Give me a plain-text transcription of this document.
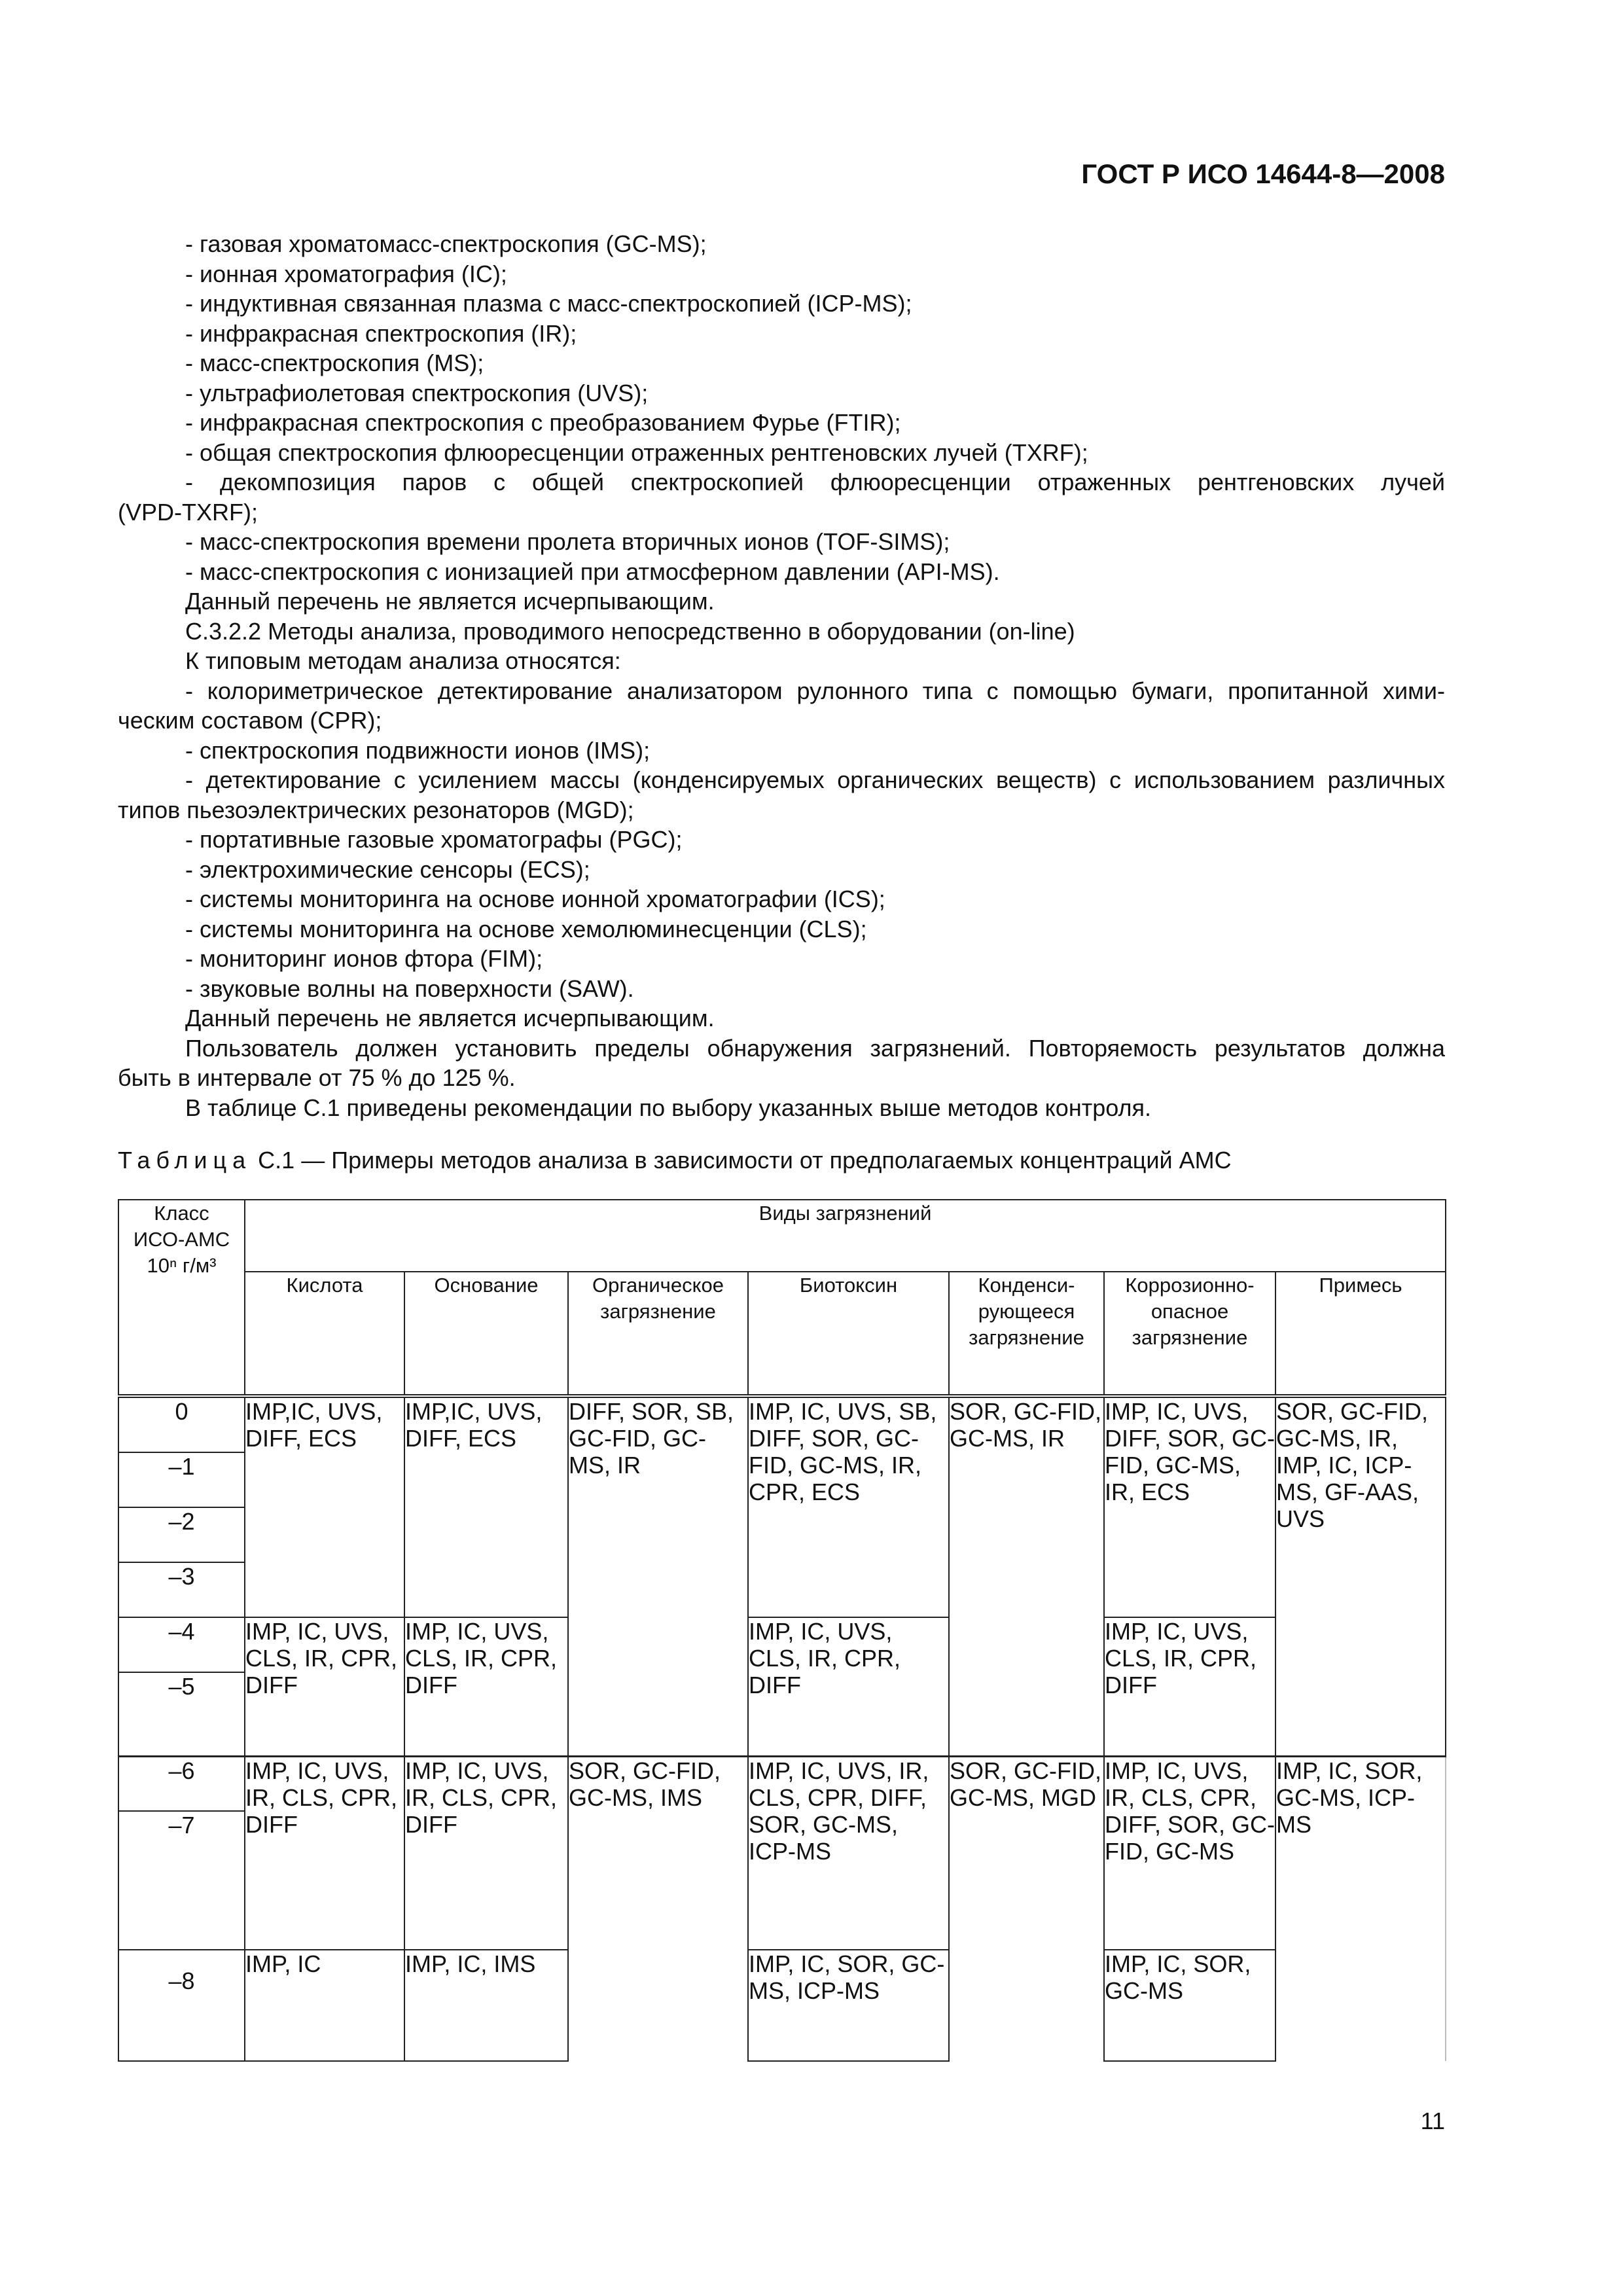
ГОСТ Р ИСО 14644-8—2008

- газовая хроматомасс-спектроскопия (GC-MS);

- ионная хроматография (IC);

- индуктивная связанная плазма с масс-спектроскопией (ICP-MS);

- инфракрасная спектроскопия (IR);

- масс-спектроскопия (MS);

- ультрафиолетовая спектроскопия (UVS);

- инфракрасная спектроскопия с преобразованием Фурье (FTIR);

- общая спектроскопия флюоресценции отраженных рентгеновских лучей (TXRF);

- декомпозиция паров с общей спектроскопией флюоресценции отраженных рентгеновских лучей

(VPD-TXRF);

- масс-спектроскопия времени пролета вторичных ионов (TOF-SIMS);

- масс-спектроскопия с ионизацией при атмосферном давлении (API-MS).

Данный перечень не является исчерпывающим.

С.3.2.2 Методы анализа, проводимого непосредственно в оборудовании (on-line)

К типовым методам анализа относятся:

- колориметрическое детектирование анализатором рулонного типа с помощью бумаги, пропитанной хими-

ческим составом (CPR);

- спектроскопия подвижности ионов (IMS);

- детектирование с усилением массы (конденсируемых органических веществ) с использованием различных

типов пьезоэлектрических резонаторов (MGD);

- портативные газовые хроматографы (PGC);

- электрохимические сенсоры (ECS);

- системы мониторинга на основе ионной хроматографии (ICS);

- системы мониторинга на основе хемолюминесценции (CLS);

- мониторинг ионов фтора (FIM);

- звуковые волны на поверхности (SAW).

Данный перечень не является исчерпывающим.

Пользователь должен установить пределы обнаружения загрязнений. Повторяемость результатов должна

быть в интервале от 75 % до 125 %.

В таблице С.1 приведены рекомендации по выбору указанных выше методов контроля.

Таблица С.1 — Примеры методов анализа в зависимости от предполагаемых концентраций АМС
Класс
ИСО-АМС
10ⁿ г/м³	Виды загрязнений						
	Кислота	Основание	Органическое загрязнение	Биотоксин	Конденси-рующееся загрязнение	Коррозионно-опасное загрязнение	Примесь
0	IMP,IC, UVS, DIFF, ECS	IMP,IC, UVS, DIFF, ECS	DIFF, SOR, SB, GC-FID, GC-MS, IR	IMP, IC, UVS, SB, DIFF, SOR, GC-FID, GC-MS, IR, CPR, ECS	SOR, GC-FID, GC-MS, IR	IMP, IC, UVS, DIFF, SOR, GC-FID, GC-MS, IR, ECS	SOR, GC-FID, GC-MS, IR, IMP, IC, ICP-MS, GF-AAS, UVS
–1							
–2							
–3							
–4	IMP, IC, UVS, CLS, IR, CPR, DIFF	IMP, IC, UVS, CLS, IR, CPR, DIFF		IMP, IC, UVS, CLS, IR, CPR, DIFF		IMP, IC, UVS, CLS, IR, CPR, DIFF	
–5							
–6	IMP, IC, UVS, IR, CLS, CPR, DIFF	IMP, IC, UVS, IR, CLS, CPR, DIFF	SOR, GC-FID, GC-MS, IMS	IMP, IC, UVS, IR, CLS, CPR, DIFF, SOR, GC-MS, ICP-MS	SOR, GC-FID, GC-MS, MGD	IMP, IC, UVS, IR, CLS, CPR, DIFF, SOR, GC-FID, GC-MS	IMP, IC, SOR, GC-MS, ICP-MS
–7							
–8	IMP, IC	IMP, IC, IMS		IMP, IC, SOR, GC-MS, ICP-MS		IMP, IC, SOR, GC-MS	
11
